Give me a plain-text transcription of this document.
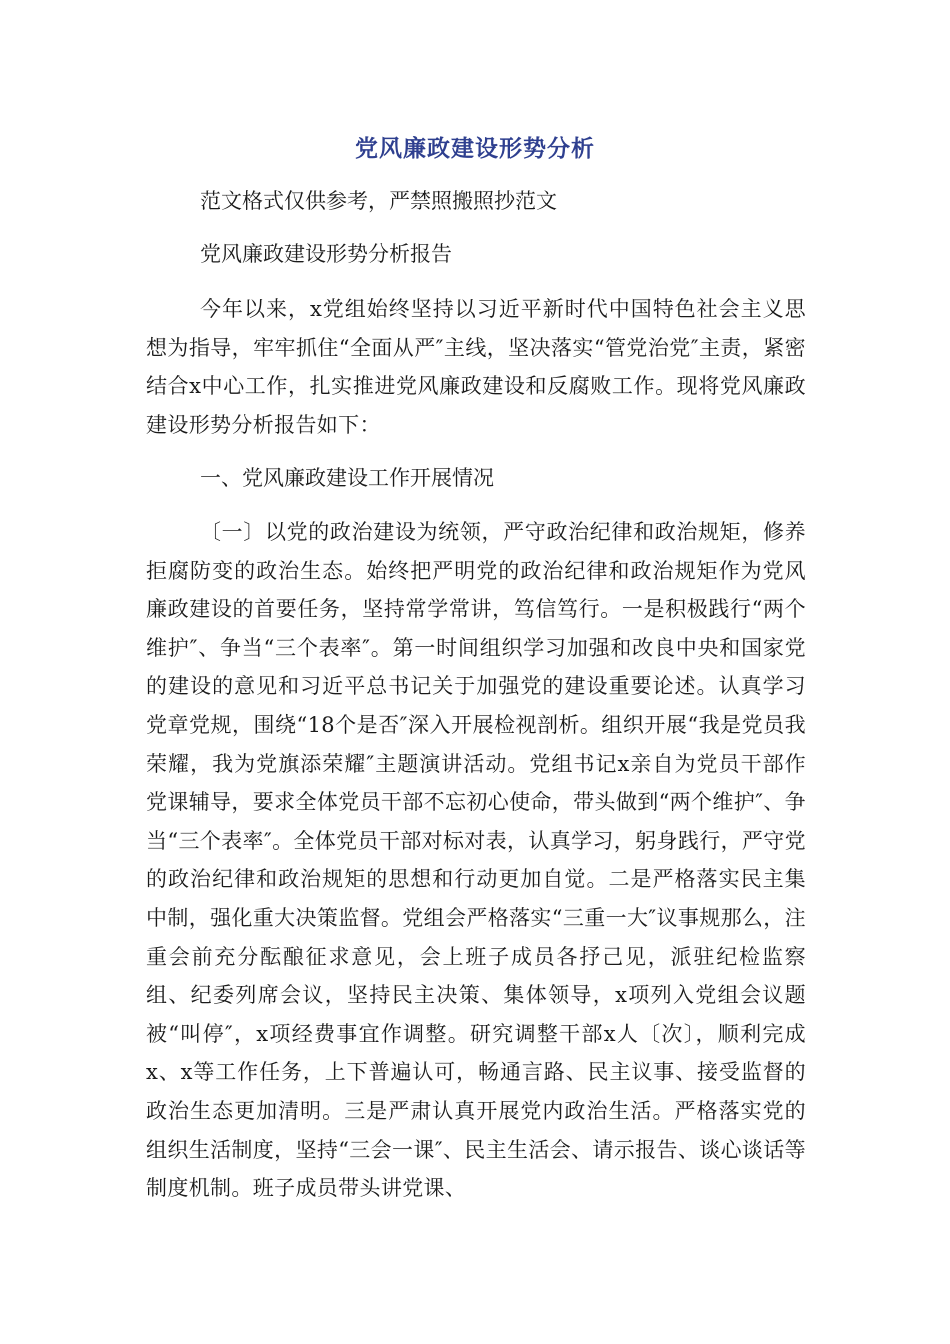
党风廉政建设形势分析

范文格式仅供参考，严禁照搬照抄范文

党风廉政建设形势分析报告

今年以来，x党组始终坚持以习近平新时代中国特色社会主义思想为指导，牢牢抓住“全面从严″主线，坚决落实“管党治党″主责，紧密结合x中心工作，扎实推进党风廉政建设和反腐败工作。现将党风廉政建设形势分析报告如下：

一、党风廉政建设工作开展情况

〔一〕以党的政治建设为统领，严守政治纪律和政治规矩，修养拒腐防变的政治生态。始终把严明党的政治纪律和政治规矩作为党风廉政建设的首要任务，坚持常学常讲，笃信笃行。一是积极践行“两个维护″、争当“三个表率″。第一时间组织学习加强和改良中央和国家党的建设的意见和习近平总书记关于加强党的建设重要论述。认真学习党章党规，围绕“18个是否″深入开展检视剖析。组织开展“我是党员我荣耀，我为党旗添荣耀″主题演讲活动。党组书记x亲自为党员干部作党课辅导，要求全体党员干部不忘初心使命，带头做到“两个维护″、争当“三个表率″。全体党员干部对标对表，认真学习，躬身践行，严守党的政治纪律和政治规矩的思想和行动更加自觉。二是严格落实民主集中制，强化重大决策监督。党组会严格落实“三重一大″议事规那么，注重会前充分酝酿征求意见，会上班子成员各抒己见，派驻纪检监察组、纪委列席会议，坚持民主决策、集体领导，x项列入党组会议题被“叫停″，x项经费事宜作调整。研究调整干部x人〔次〕，顺利完成x、x等工作任务，上下普遍认可，畅通言路、民主议事、接受监督的政治生态更加清明。三是严肃认真开展党内政治生活。严格落实党的组织生活制度，坚持“三会一课″、民主生活会、请示报告、谈心谈话等制度机制。班子成员带头讲党课、
